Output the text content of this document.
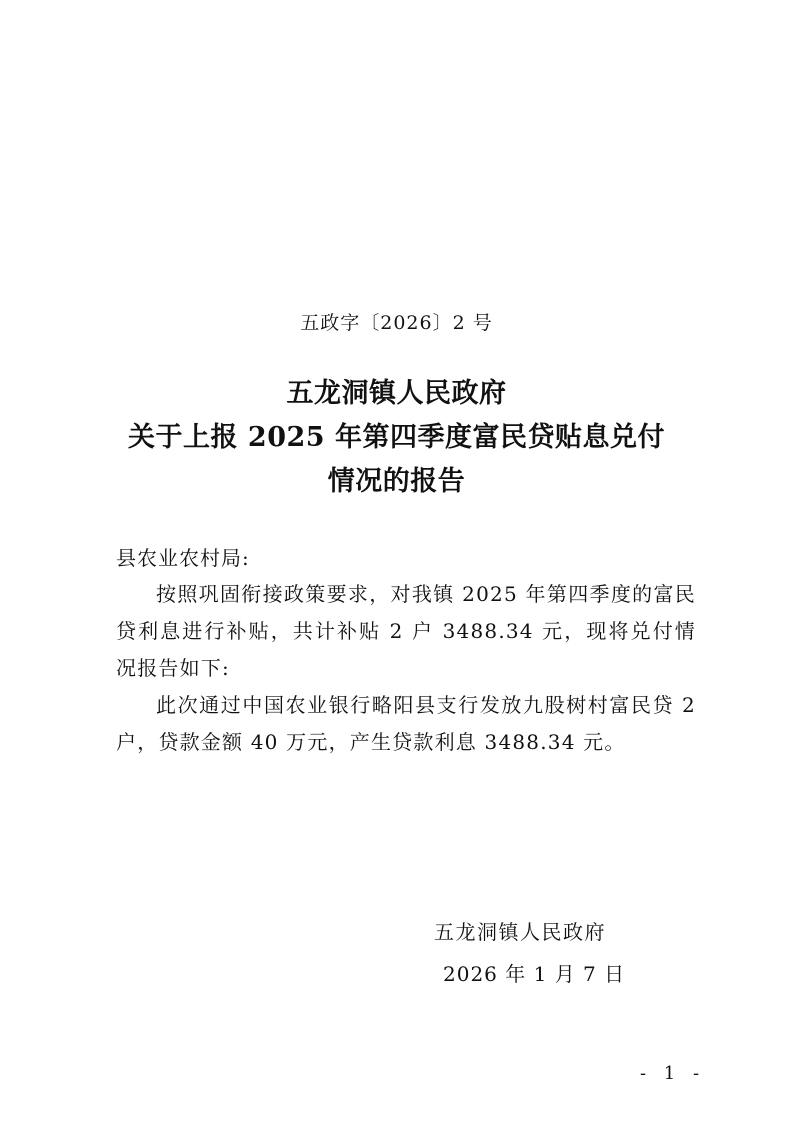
五政字〔2026〕2 号
五龙洞镇人民政府
关于上报 2025 年第四季度富民贷贴息兑付
情况的报告
县农业农村局:
按照巩固衔接政策要求，对我镇 2025 年第四季度的富民贷利息进行补贴，共计补贴 2 户 3488.34 元，现将兑付情况报告如下:
此次通过中国农业银行略阳县支行发放九股树村富民贷 2 户，贷款金额 40 万元，产生贷款利息 3488.34 元。
五龙洞镇人民政府
2026 年 1 月 7 日
- 1 -
